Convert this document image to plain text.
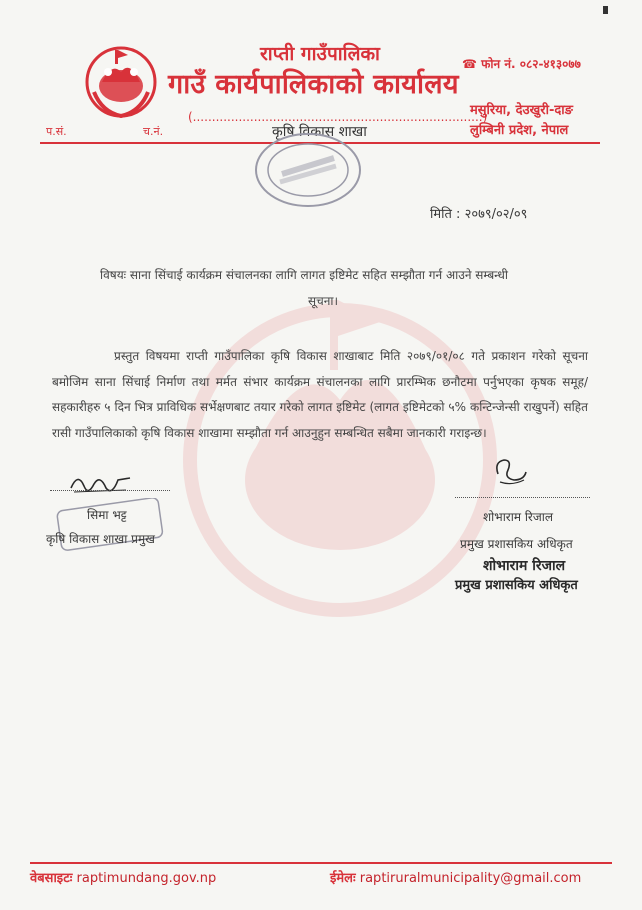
राप्ती गाउँपालिका
गाउँ कार्यपालिकाको कार्यालय
☎ फोन नं. ०८२-४१३०७७
(............................................................................)
मसुरिया, देउखुरी-दाङ
लुम्बिनी प्रदेश, नेपाल
कृषि विकास शाखा
प.सं.	च.नं.
मिति : २०७९/०२/०९
विषयः साना सिंचाई कार्यक्रम संचालनका लागि लागत इष्टिमेट सहित सम्झौता गर्न आउने सम्बन्धी
सूचना।
प्रस्तुत विषयमा राप्ती गाउँपालिका कृषि विकास शाखाबाट मिति २०७९/०१/०८ गते प्रकाशन गरेको सूचना बमोजिम साना सिंचाई निर्माण तथा मर्मत संभार कार्यक्रम संचालनका लागि प्रारम्भिक छनौटमा पर्नुभएका कृषक समूह/ सहकारीहरु ५ दिन भित्र प्राविधिक सर्भेक्षणबाट तयार गरेको लागत इष्टिमेट (लागत इष्टिमेटको ५% कन्टिन्जेन्सी राखुपर्ने) सहित रासी गाउँपालिकाको कृषि विकास शाखामा सम्झौता गर्न आउनुहुन सम्बन्धित सबैमा जानकारी गराइन्छ।
सिमा भट्ट
कृषि विकास शाखा प्रमुख
शोभाराम रिजाल
प्रमुख प्रशासकिय अधिकृत
शोभाराम रिजाल
प्रमुख प्रशासकिय अधिकृत
वेबसाइटः raptimundang.gov.np	ईमेलः raptiruralmunicipality@gmail.com
